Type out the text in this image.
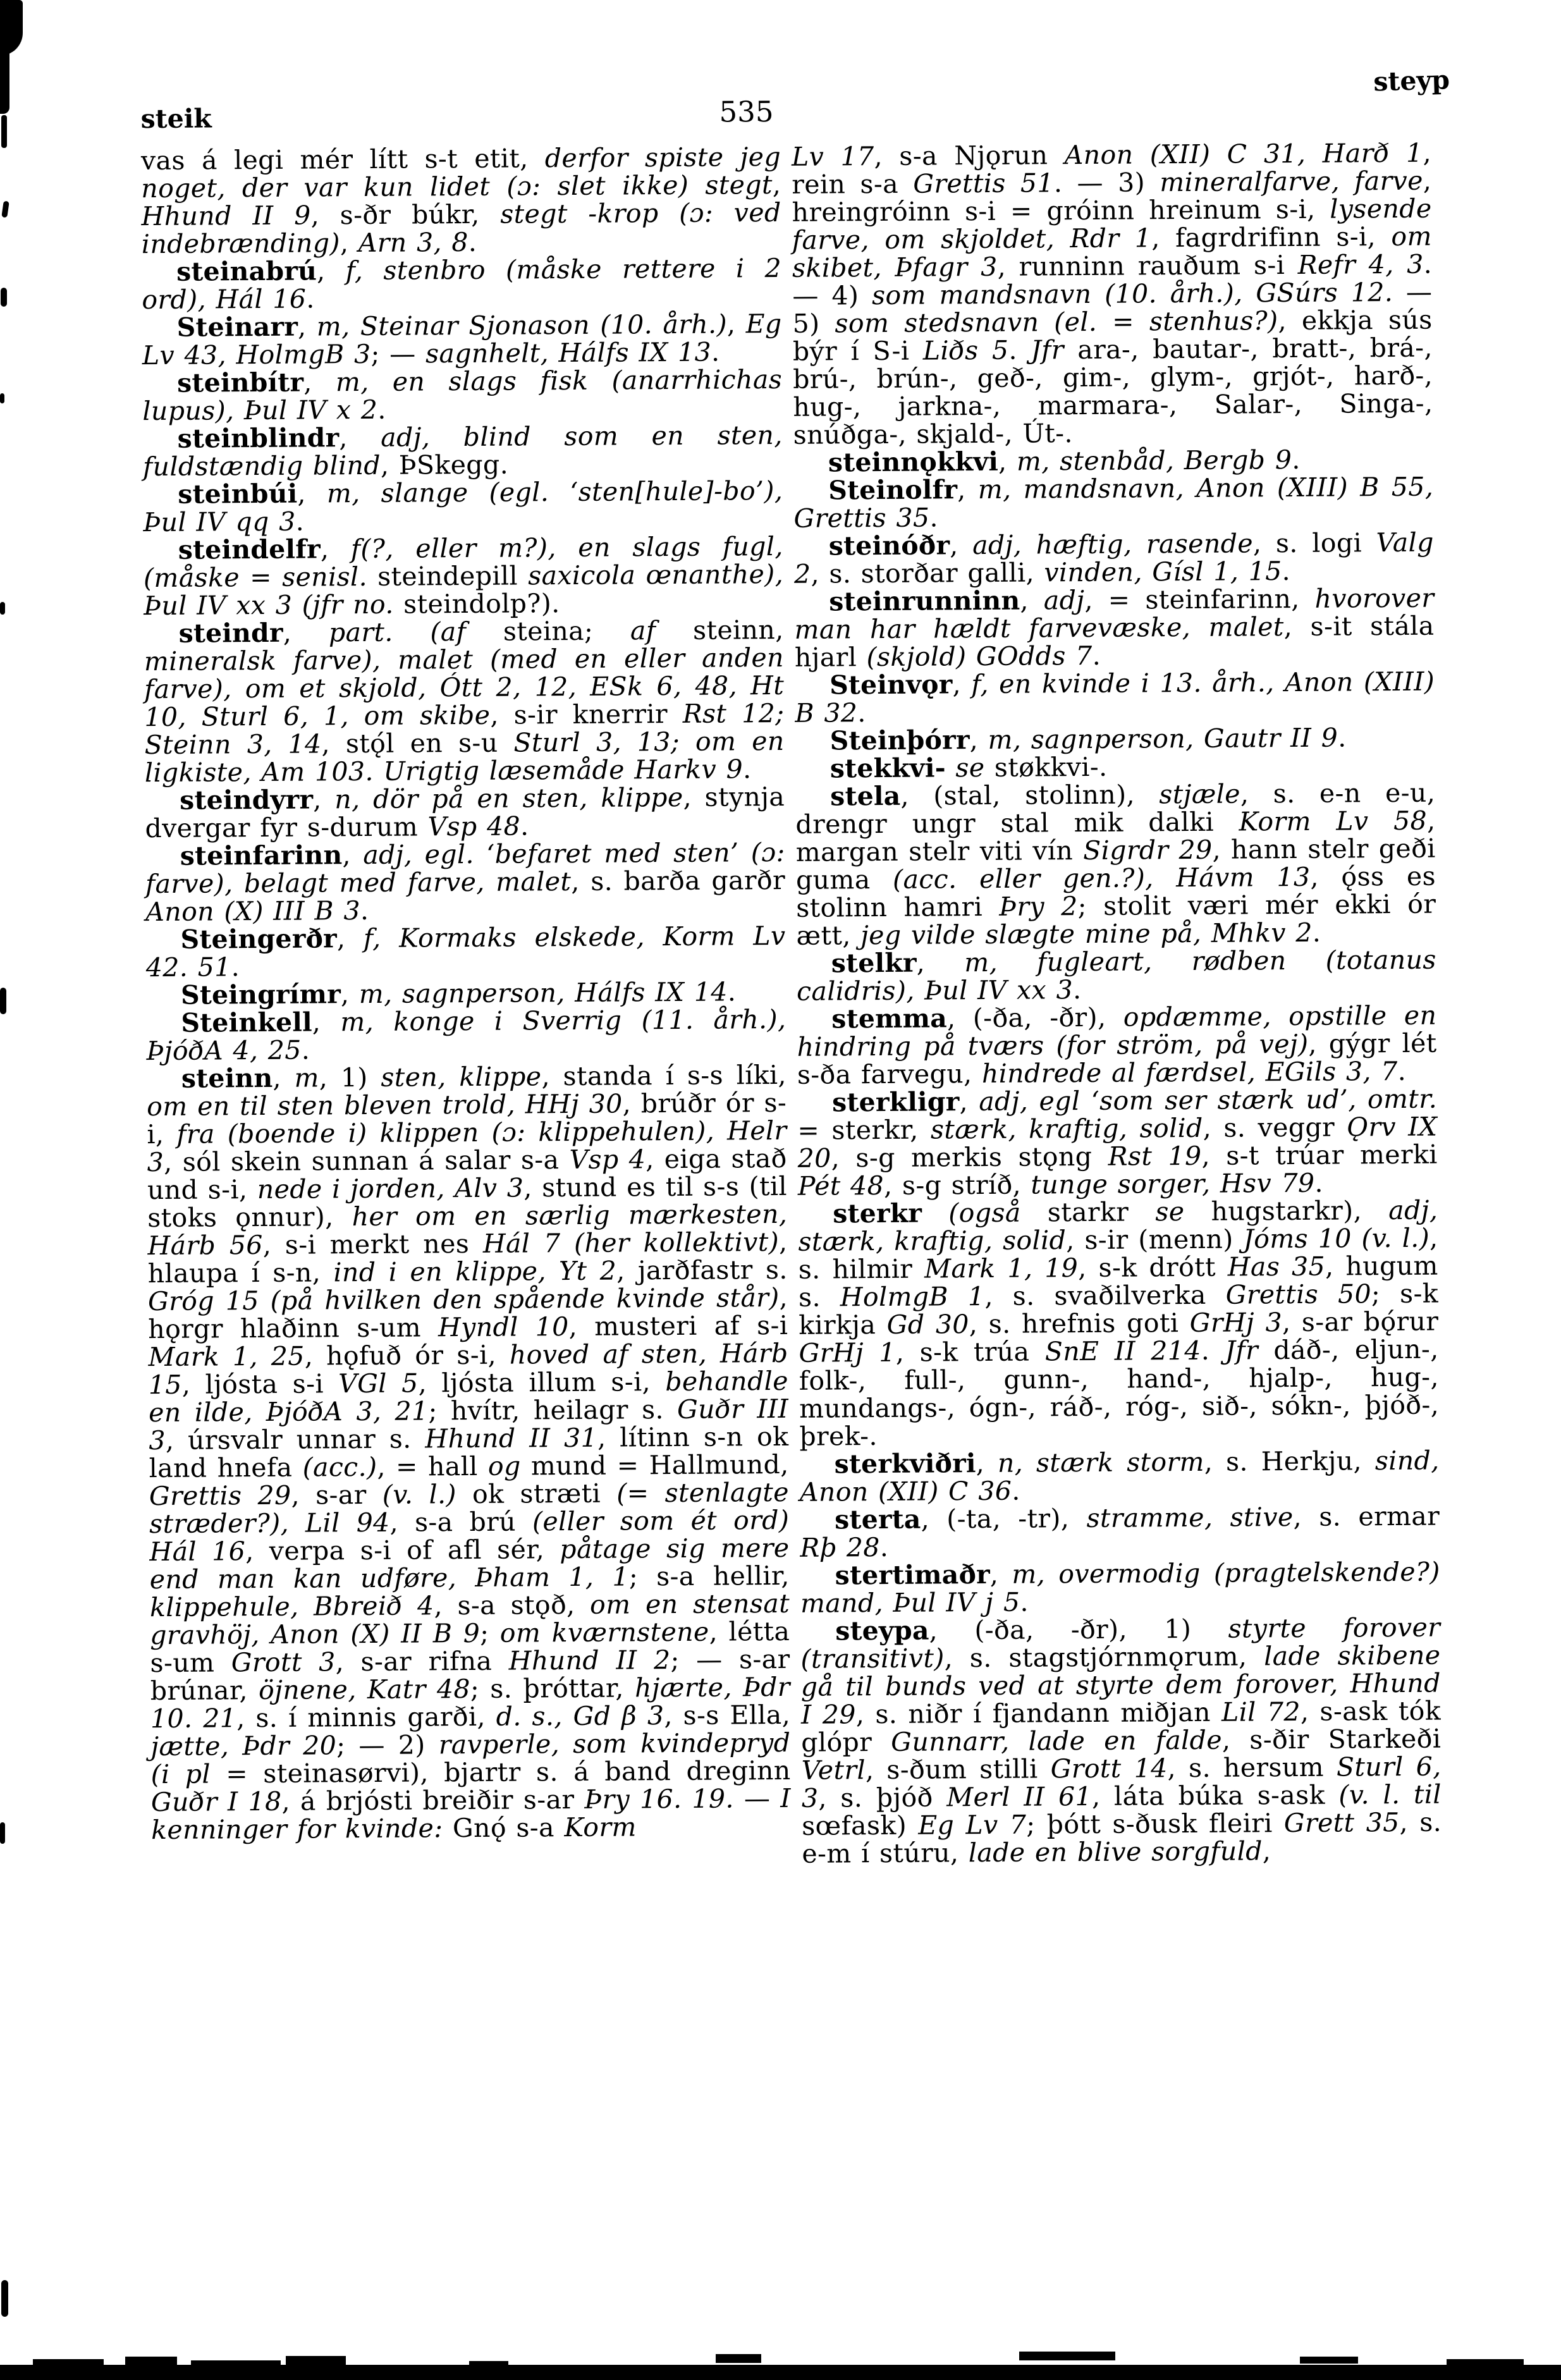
steik	535
steyp

vas á legi mér lítt s-t etit, derfor spiste jeg noget, der var kun lidet (ɔ: slet ikke) stegt, Hhund II 9, s-ðr búkr, stegt -krop (ɔ: ved indebrænding), Arn 3, 8.

steinabrú, f, stenbro (måske rettere i 2 ord), Hál 16.

Steinarr, m, Steinar Sjonason (10. årh.), Eg Lv 43, HolmgB 3; — sagnhelt, Hálfs IX 13.

steinbítr, m, en slags fisk (anarrhichas lupus), Þul IV x 2.

steinblindr, adj, blind som en sten, fuldstændig blind, ÞSkegg.

steinbúi, m, slange (egl. ‘sten[hule]-bo’), Þul IV qq 3.

steindelfr, f(?, eller m?), en slags fugl, (måske = senisl. steindepill saxicola œnanthe), Þul IV xx 3 (jfr no. steindolp?).

steindr, part. (af steina; af steinn, mineralsk farve), malet (med en eller anden farve), om et skjold, Ótt 2, 12, ESk 6, 48, Ht 10, Sturl 6, 1, om skibe, s-ir knerrir Rst 12; Steinn 3, 14, stǫ́l en s-u Sturl 3, 13; om en ligkiste, Am 103. Urigtig læsemåde Harkv 9.

steindyrr, n, dör på en sten, klippe, stynja dvergar fyr s-durum Vsp 48.

steinfarinn, adj, egl. ‘befaret med sten’ (ɔ: farve), belagt med farve, malet, s. barða garðr Anon (X) III B 3.

Steingerðr, f, Kormaks elskede, Korm Lv 42. 51.

Steingrímr, m, sagnperson, Hálfs IX 14.

Steinkell, m, konge i Sverrig (11. årh.), ÞjóðA 4, 25.

steinn, m, 1) sten, klippe, standa í s-s líki, om en til sten bleven trold, HHj 30, brúðr ór s-i, fra (boende i) klippen (ɔ: klippehulen), Helr 3, sól skein sunnan á salar s-a Vsp 4, eiga stað und s-i, nede i jorden, Alv 3, stund es til s-s (til stoks ǫnnur), her om en særlig mærkesten, Hárb 56, s-i merkt nes Hál 7 (her kollektivt), hlaupa í s-n, ind i en klippe, Yt 2, jarðfastr s. Gróg 15 (på hvilken den spående kvinde står), hǫrgr hlaðinn s-um Hyndl 10, musteri af s-i Mark 1, 25, hǫfuð ór s-i, hoved af sten, Hárb 15, ljósta s-i VGl 5, ljósta illum s-i, behandle en ilde, ÞjóðA 3, 21; hvítr, heilagr s. Guðr III 3, úrsvalr unnar s. Hhund II 31, lítinn s-n ok land hnefa (acc.), = hall og mund = Hallmund, Grettis 29, s-ar (v. l.) ok stræti (= stenlagte stræder?), Lil 94, s-a brú (eller som ét ord) Hál 16, verpa s-i of afl sér, påtage sig mere end man kan udføre, Þham 1, 1; s-a hellir, klippehule, Bbreið 4, s-a stǫð, om en stensat gravhöj, Anon (X) II B 9; om kværnstene, létta s-um Grott 3, s-ar rifna Hhund II 2; — s-ar brúnar, öjnene, Katr 48; s. þróttar, hjærte, Þdr 10. 21, s. í minnis garði, d. s., Gd β 3, s-s Ella, jætte, Þdr 20; — 2) ravperle, som kvindepryd (i pl = steinasørvi), bjartr s. á band dreginn Guðr I 18, á brjósti breiðir s-ar Þry 16. 19. — I kenninger for kvinde: Gnǫ́ s-a Korm

Lv 17, s-a Njǫrun Anon (XII) C 31, Harð 1, rein s-a Grettis 51. — 3) mineralfarve, farve, hreingróinn s-i = gróinn hreinum s-i, lysende farve, om skjoldet, Rdr 1, fagrdrifinn s-i, om skibet, Þfagr 3, runninn rauðum s-i Refr 4, 3. — 4) som mandsnavn (10. årh.), GSúrs 12. — 5) som stedsnavn (el. = stenhus?), ekkja sús býr í S-i Liðs 5. Jfr ara-, bautar-, bratt-, brá-, brú-, brún-, geð-, gim-, glym-, grjót-, harð-, hug-, jarkna-, marmara-, Salar-, Singa-, snúðga-, skjald-, Út-.

steinnǫkkvi, m, stenbåd, Bergb 9.

Steinolfr, m, mandsnavn, Anon (XIII) B 55, Grettis 35.

steinóðr, adj, hæftig, rasende, s. logi Valg 2, s. storðar galli, vinden, Gísl 1, 15.

steinrunninn, adj, = steinfarinn, hvorover man har hældt farvevæske, malet, s-it stála hjarl (skjold) GOdds 7.

Steinvǫr, f, en kvinde i 13. årh., Anon (XIII) B 32.

Steinþórr, m, sagnperson, Gautr II 9.

stekkvi- se støkkvi-.

stela, (stal, stolinn), stjæle, s. e-n e-u, drengr ungr stal mik dalki Korm Lv 58, margan stelr viti vín Sigrdr 29, hann stelr geði guma (acc. eller gen.?), Hávm 13, ǫ́ss es stolinn hamri Þry 2; stolit væri mér ekki ór ætt, jeg vilde slægte mine på, Mhkv 2.

stelkr, m, fugleart, rødben (totanus calidris), Þul IV xx 3.

stemma, (-ða, -ðr), opdæmme, opstille en hindring på tværs (for ström, på vej), gýgr lét s-ða farvegu, hindrede al færdsel, EGils 3, 7.

sterkligr, adj, egl ‘som ser stærk ud’, omtr. = sterkr, stærk, kraftig, solid, s. veggr Ǫrv IX 20, s-g merkis stǫng Rst 19, s-t trúar merki Pét 48, s-g stríð, tunge sorger, Hsv 79.

sterkr (også starkr se hugstarkr), adj, stærk, kraftig, solid, s-ir (menn) Jóms 10 (v. l.), s. hilmir Mark 1, 19, s-k drótt Has 35, hugum s. HolmgB 1, s. svaðilverka Grettis 50; s-k kirkja Gd 30, s. hrefnis goti GrHj 3, s-ar bǫ́rur GrHj 1, s-k trúa SnE II 214. Jfr dáð-, eljun-, folk-, full-, gunn-, hand-, hjalp-, hug-, mundangs-, ógn-, ráð-, róg-, sið-, sókn-, þjóð-, þrek-.

sterkviðri, n, stærk storm, s. Herkju, sind, Anon (XII) C 36.

sterta, (-ta, -tr), stramme, stive, s. ermar Rþ 28.

stertimaðr, m, overmodig (pragtelskende?) mand, Þul IV j 5.

steypa, (-ða, -ðr), 1) styrte forover (transitivt), s. stagstjórnmǫrum, lade skibene gå til bunds ved at styrte dem forover, Hhund I 29, s. niðr í fjandann miðjan Lil 72, s-ask tók glópr Gunnarr, lade en falde, s-ðir Starkeði Vetrl, s-ðum stilli Grott 14, s. hersum Sturl 6, 3, s. þjóð Merl II 61, láta búka s-ask (v. l. til sœfask) Eg Lv 7; þótt s-ðusk fleiri Grett 35, s. e-m í stúru, lade en blive sorgfuld,
